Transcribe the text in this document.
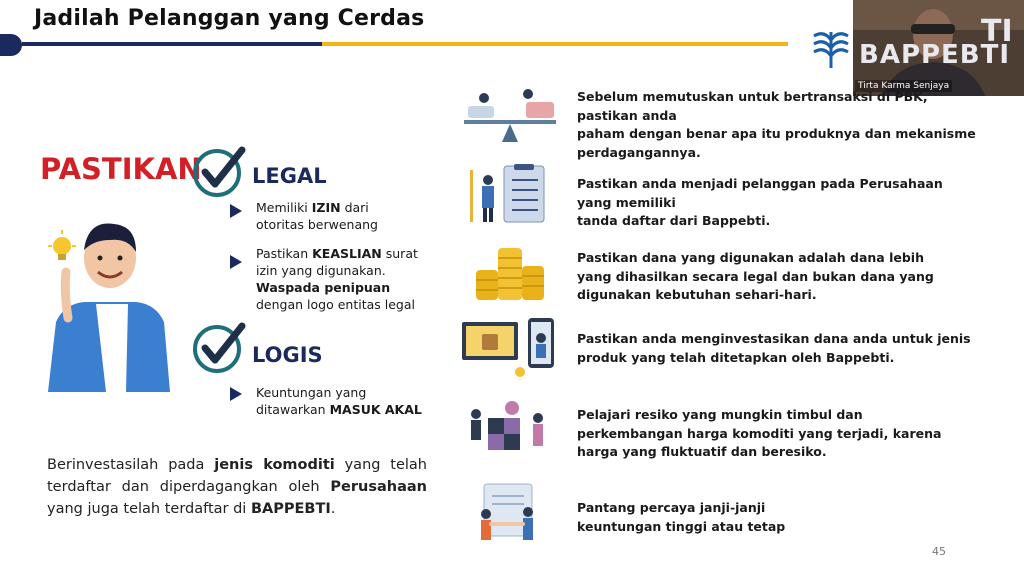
Jadilah Pelanggan yang Cerdas
BAPPEBTI
TI
Tirta Karma Senjaya
PASTIKAN LEGAL
LOGIS
Memiliki IZIN dari
otoritas berwenang
Pastikan KEASLIAN surat
izin yang digunakan.
Waspada penipuan
dengan logo entitas legal
Keuntungan yang
ditawarkan MASUK AKAL
Berinvestasilah pada jenis komoditi yang telah terdaftar dan diperdagangkan oleh Perusahaan yang juga telah terdaftar di BAPPEBTI.
Sebelum memutuskan untuk bertransaksi di PBK, pastikan anda
paham dengan benar apa itu produknya dan mekanisme
perdagangannya.
Pastikan anda menjadi pelanggan pada Perusahaan yang memiliki
tanda daftar dari Bappebti.
Pastikan dana yang digunakan adalah dana lebih
yang dihasilkan secara legal dan bukan dana yang
digunakan kebutuhan sehari-hari.
Pastikan anda menginvestasikan dana anda untuk jenis
produk yang telah ditetapkan oleh Bappebti.
Pelajari resiko yang mungkin timbul dan
perkembangan harga komoditi yang terjadi, karena
harga yang fluktuatif dan beresiko.
Pantang percaya janji-janji
keuntungan tinggi atau tetap
45
